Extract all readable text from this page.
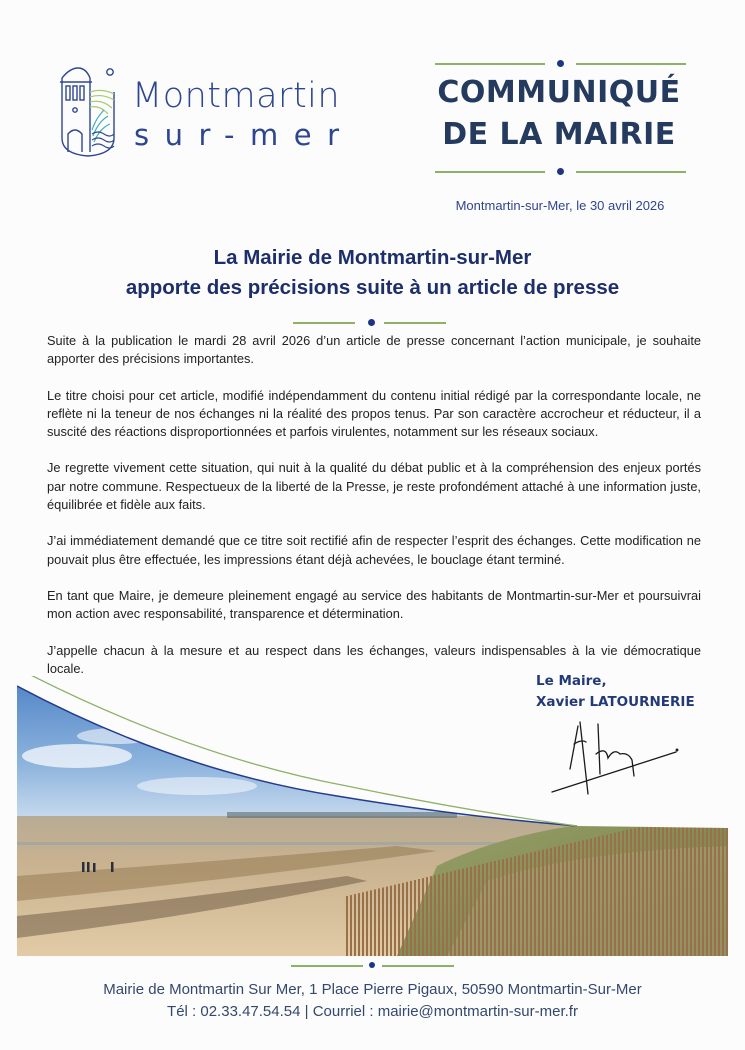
Montmartin
sur-mer
COMMUNIQUÉ
DE LA MAIRIE
Montmartin-sur-Mer, le 30 avril 2026
La Mairie de Montmartin-sur-Mer
apporte des précisions suite à un article de presse

Suite à la publication le mardi 28 avril 2026 d’un article de presse concernant l’action municipale, je souhaite apporter des précisions importantes.

Le titre choisi pour cet article, modifié indépendamment du contenu initial rédigé par la correspondante locale, ne reflète ni la teneur de nos échanges ni la réalité des propos tenus. Par son caractère accrocheur et réducteur, il a suscité des réactions disproportionnées et parfois virulentes, notamment sur les réseaux sociaux.

Je regrette vivement cette situation, qui nuit à la qualité du débat public et à la compréhension des enjeux portés par notre commune. Respectueux de la liberté de la Presse, je reste profondément attaché à une information juste, équilibrée et fidèle aux faits.

J’ai immédiatement demandé que ce titre soit rectifié afin de respecter l’esprit des échanges. Cette modification ne pouvait plus être effectuée, les impressions étant déjà achevées, le bouclage étant terminé.

En tant que Maire, je demeure pleinement engagé au service des habitants de Montmartin-sur-Mer et poursuivrai mon action avec responsabilité, transparence et détermination.

J’appelle chacun à la mesure et au respect dans les échanges, valeurs indispensables à la vie démocratique locale.

Le Maire,
Xavier LATOURNERIE
Mairie de Montmartin Sur Mer, 1 Place Pierre Pigaux, 50590 Montmartin-Sur-Mer
Tél : 02.33.47.54.54 | Courriel : mairie@montmartin-sur-mer.fr
